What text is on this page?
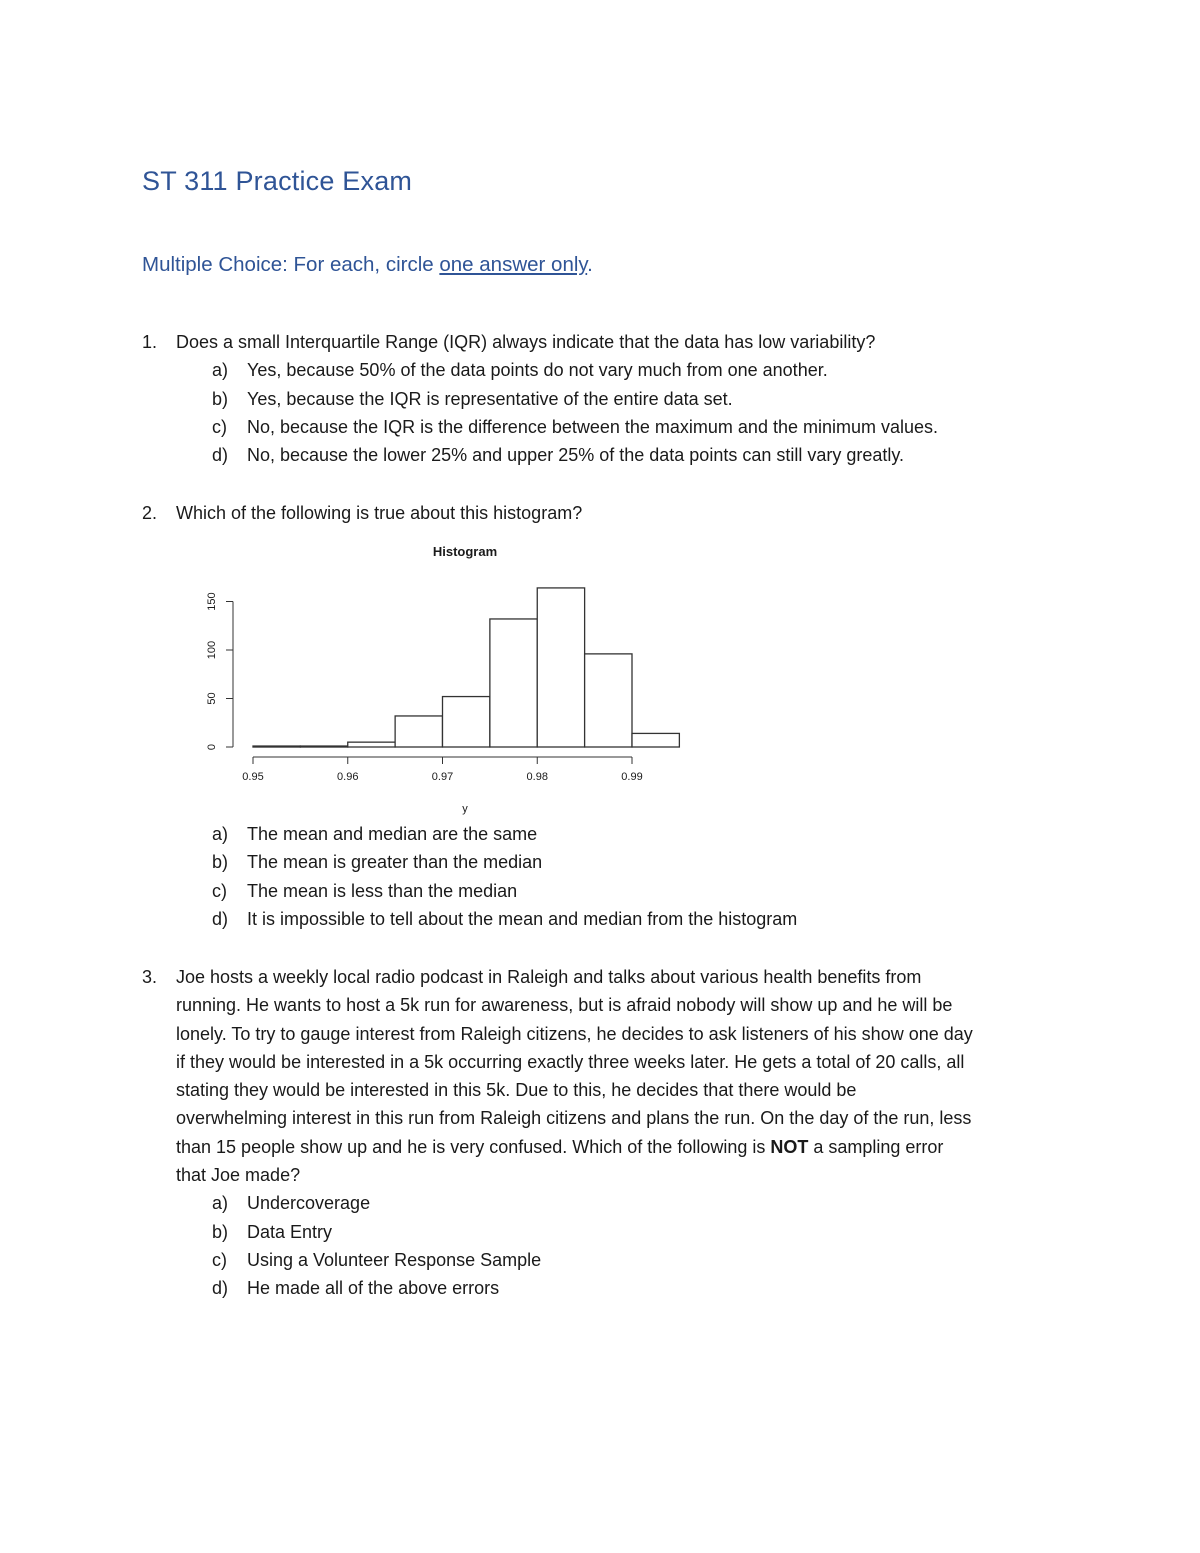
ST 311 Practice Exam
Multiple Choice: For each, circle one answer only.
1.	Does a small Interquartile Range (IQR) always indicate that the data has low variability?
a)	Yes, because 50% of the data points do not vary much from one another.
b)	Yes, because the IQR is representative of the entire data set.
c)	No, because the IQR is the difference between the maximum and the minimum values.
d)	No, because the lower 25% and upper 25% of the data points can still vary greatly.
2.	Which of the following is true about this histogram?
Histogram
y
0
50
100
150
0.95	0.96	0.97	0.98	0.99
a)	The mean and median are the same
b)	The mean is greater than the median
c)	The mean is less than the median
d)	It is impossible to tell about the mean and median from the histogram
3.	Joe hosts a weekly local radio podcast in Raleigh and talks about various health benefits from
running. He wants to host a 5k run for awareness, but is afraid nobody will show up and he will be
lonely. To try to gauge interest from Raleigh citizens, he decides to ask listeners of his show one day
if they would be interested in a 5k occurring exactly three weeks later. He gets a total of 20 calls, all
stating they would be interested in this 5k. Due to this, he decides that there would be
overwhelming interest in this run from Raleigh citizens and plans the run. On the day of the run, less
than 15 people show up and he is very confused. Which of the following is NOT a sampling error
that Joe made?
a)	Undercoverage
b)	Data Entry
c)	Using a Volunteer Response Sample
d)	He made all of the above errors
